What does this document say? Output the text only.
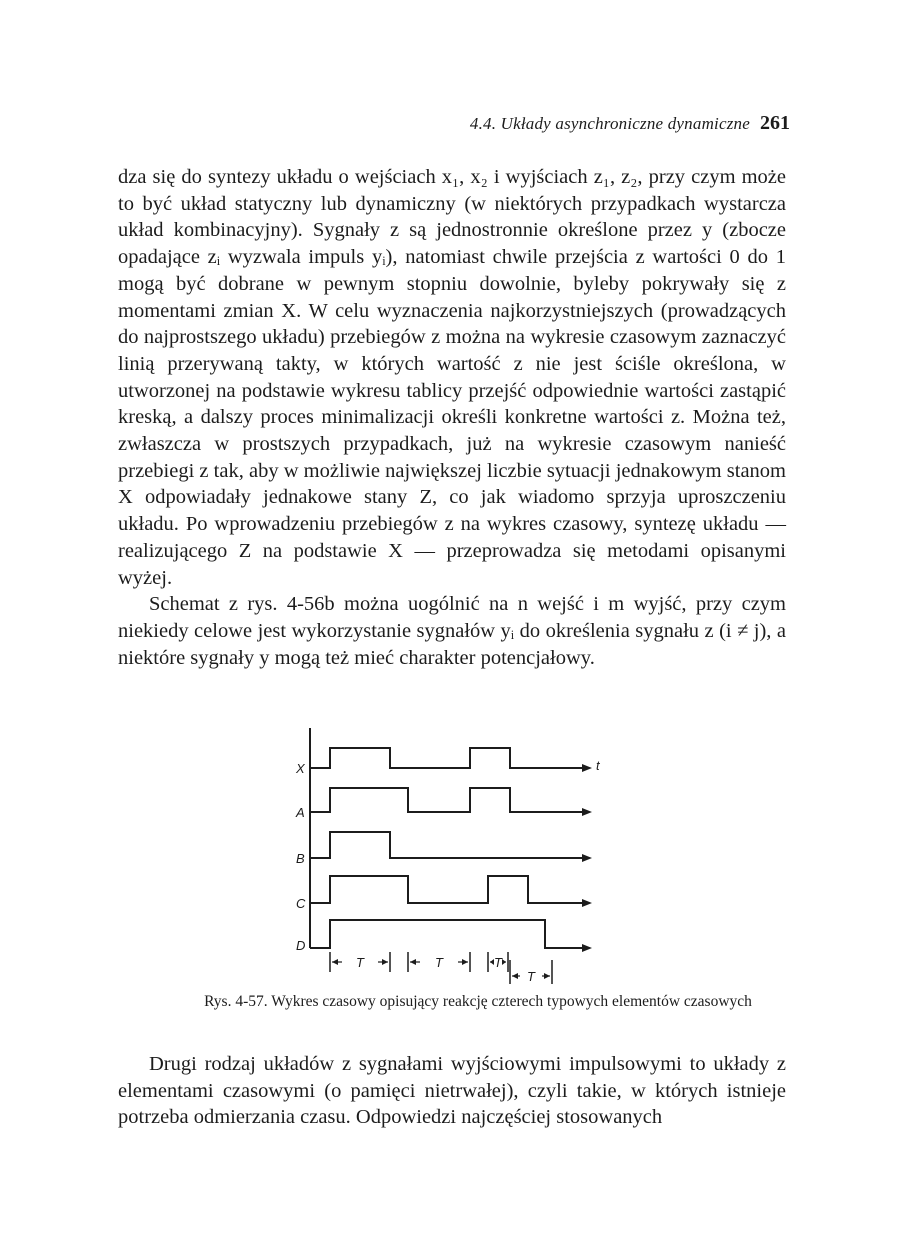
4.4. Układy asynchroniczne dynamiczne 261

dza się do syntezy układu o wejściach x₁, x₂ i wyjściach z₁, z₂, przy czym może to być układ statyczny lub dynamiczny (w niektórych przypadkach wystarcza układ kombinacyjny). Sygnały z są jednostronnie określone przez y (zbocze opadające zᵢ wyzwala impuls yᵢ), natomiast chwile przejścia z wartości 0 do 1 mogą być dobrane w pewnym stopniu dowolnie, byleby pokrywały się z momentami zmian X. W celu wyznaczenia najkorzystniejszych (prowadzących do najprostszego układu) przebiegów z można na wykresie czasowym zaznaczyć linią przerywaną takty, w których wartość z nie jest ściśle określona, w utworzonej na podstawie wykresu tablicy przejść odpowiednie wartości zastąpić kreską, a dalszy proces minimalizacji określi konkretne wartości z. Można też, zwłaszcza w prostszych przypadkach, już na wykresie czasowym nanieść przebiegi z tak, aby w możliwie największej liczbie sytuacji jednakowym stanom X odpowiadały jednakowe stany Z, co jak wiadomo sprzyja uproszczeniu układu. Po wprowadzeniu przebiegów z na wykres czasowy, syntezę układu — realizującego Z na podstawie X — przeprowadza się metodami opisanymi wyżej.

Schemat z rys. 4-56b można uogólnić na n wejść i m wyjść, przy czym niekiedy celowe jest wykorzystanie sygnałów yᵢ do określenia sygnału z (i ≠ j), a niektóre sygnały y mogą też mieć charakter potencjałowy.

X
A
B
C
D
t
T	T	T
T
Rys. 4-57. Wykres czasowy opisujący reakcję czterech typowych elementów czasowych

Drugi rodzaj układów z sygnałami wyjściowymi impulsowymi to układy z elementami czasowymi (o pamięci nietrwałej), czyli takie, w których istnieje potrzeba odmierzania czasu. Odpowiedzi najczęściej stosowanych
